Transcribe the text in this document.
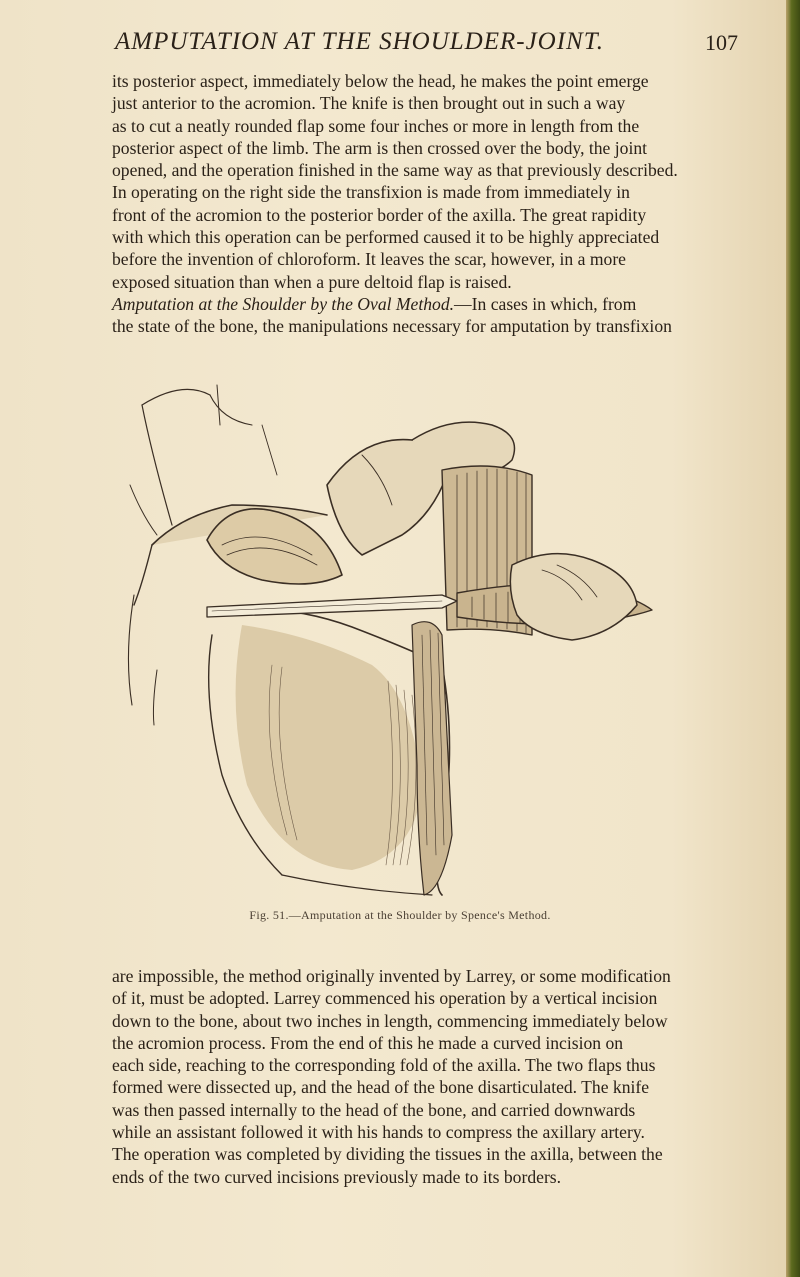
AMPUTATION AT THE SHOULDER-JOINT.	107

its posterior aspect, immediately below the head, he makes the point emerge

just anterior to the acromion. The knife is then brought out in such a way

as to cut a neatly rounded flap some four inches or more in length from the

posterior aspect of the limb. The arm is then crossed over the body, the joint

opened, and the operation finished in the same way as that previously described.

In operating on the right side the transfixion is made from immediately in

front of the acromion to the posterior border of the axilla. The great rapidity

with which this operation can be performed caused it to be highly appreciated

before the invention of chloroform. It leaves the scar, however, in a more

exposed situation than when a pure deltoid flap is raised.

Amputation at the Shoulder by the Oval Method.—In cases in which, from

the state of the bone, the manipulations necessary for amputation by transfixion

Fig. 51.—Amputation at the Shoulder by Spence's Method.

are impossible, the method originally invented by Larrey, or some modification

of it, must be adopted. Larrey commenced his operation by a vertical incision

down to the bone, about two inches in length, commencing immediately below

the acromion process. From the end of this he made a curved incision on

each side, reaching to the corresponding fold of the axilla. The two flaps thus

formed were dissected up, and the head of the bone disarticulated. The knife

was then passed internally to the head of the bone, and carried downwards

while an assistant followed it with his hands to compress the axillary artery.

The operation was completed by dividing the tissues in the axilla, between the

ends of the two curved incisions previously made to its borders.
